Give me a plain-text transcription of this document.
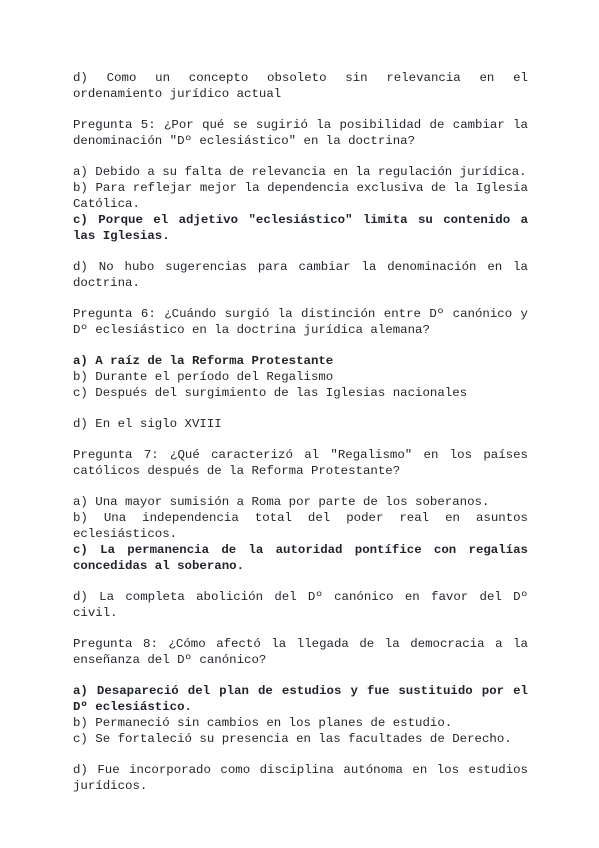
d) Como un concepto obsoleto sin relevancia en el ordenamiento jurídico actual

Pregunta 5: ¿Por qué se sugirió la posibilidad de cambiar la denominación "Dº eclesiástico" en la doctrina?

a) Debido a su falta de relevancia en la regulación jurídica.
b) Para reflejar mejor la dependencia exclusiva de la Iglesia Católica.
c) Porque el adjetivo "eclesiástico" limita su contenido a las Iglesias.

d) No hubo sugerencias para cambiar la denominación en la doctrina.

Pregunta 6: ¿Cuándo surgió la distinción entre Dº canónico y Dº eclesiástico en la doctrina jurídica alemana?

a) A raíz de la Reforma Protestante
b) Durante el período del Regalismo
c) Después del surgimiento de las Iglesias nacionales

d) En el siglo XVIII

Pregunta 7: ¿Qué caracterizó al "Regalismo" en los países católicos después de la Reforma Protestante?

a) Una mayor sumisión a Roma por parte de los soberanos.
b) Una independencia total del poder real en asuntos eclesiásticos.
c) La permanencia de la autoridad pontífice con regalías concedidas al soberano.

d) La completa abolición del Dº canónico en favor del Dº civil.

Pregunta 8: ¿Cómo afectó la llegada de la democracia a la enseñanza del Dº canónico?

a) Desapareció del plan de estudios y fue sustituido por el Dº eclesiástico.
b) Permaneció sin cambios en los planes de estudio.
c) Se fortaleció su presencia en las facultades de Derecho.

d) Fue incorporado como disciplina autónoma en los estudios jurídicos.
